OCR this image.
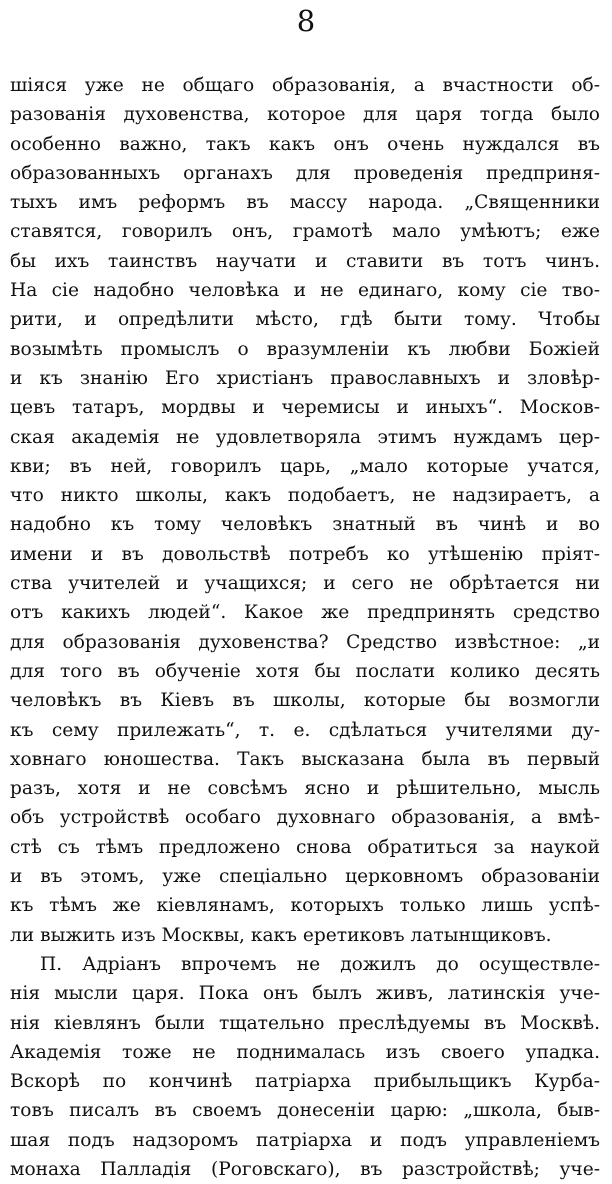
8
шіяся уже не общаго образованія, а вчастности об-
разованія духовенства, которое для царя тогда было
особенно важно, такъ какъ онъ очень нуждался въ
образованныхъ органахъ для проведенія предприня-
тыхъ имъ реформъ въ массу народа. „Священники
ставятся, говорилъ онъ, грамотѣ мало умѣютъ; еже
бы ихъ таинствъ научати и ставити въ тотъ чинъ.
На сіе надобно человѣка и не единаго, кому сіе тво-
рити, и опредѣлити мѣсто, гдѣ быти тому. Чтобы
возымѣть промыслъ о вразумленіи къ любви Божіей
и къ знанію Его христіанъ православныхъ и зловѣр-
цевъ татаръ, мордвы и черемисы и иныхъ“. Москов-
ская академія не удовлетворяла этимъ нуждамъ цер-
кви; въ ней, говорилъ царь, „мало которые учатся,
что никто школы, какъ подобаетъ, не надзираетъ, а
надобно къ тому человѣкъ знатный въ чинѣ и во
имени и въ довольствѣ потребъ ко утѣшенію пріят-
ства учителей и учащихся; и сего не обрѣтается ни
отъ какихъ людей“. Какое же предпринять средство
для образованія духовенства? Средство извѣстное: „и
для того въ обученіе хотя бы послати колико десять
человѣкъ въ Кіевъ въ школы, которые бы возмогли
къ сему прилежать“, т. е. сдѣлаться учителями ду-
ховнаго юношества. Такъ высказана была въ первый
разъ, хотя и не совсѣмъ ясно и рѣшительно, мысль
объ устройствѣ особаго духовнаго образованія, а вмѣ-
стѣ съ тѣмъ предложено снова обратиться за наукой
и въ этомъ, уже спеціально церковномъ образованіи
къ тѣмъ же кіевлянамъ, которыхъ только лишь успѣ-
ли выжить изъ Москвы, какъ еретиковъ латынщиковъ.
П. Адріанъ впрочемъ не дожилъ до осуществле-
нія мысли царя. Пока онъ былъ живъ, латинскія уче-
нія кіевлянъ были тщательно преслѣдуемы въ Москвѣ.
Академія тоже не поднималась изъ своего упадка.
Вскорѣ по кончинѣ патріарха прибыльщикъ Курба-
товъ писалъ въ своемъ донесеніи царю: „школа, быв-
шая подъ надзоромъ патріарха и подъ управленіемъ
монаха Палладія (Роговскаго), въ разстройствѣ; уче-
